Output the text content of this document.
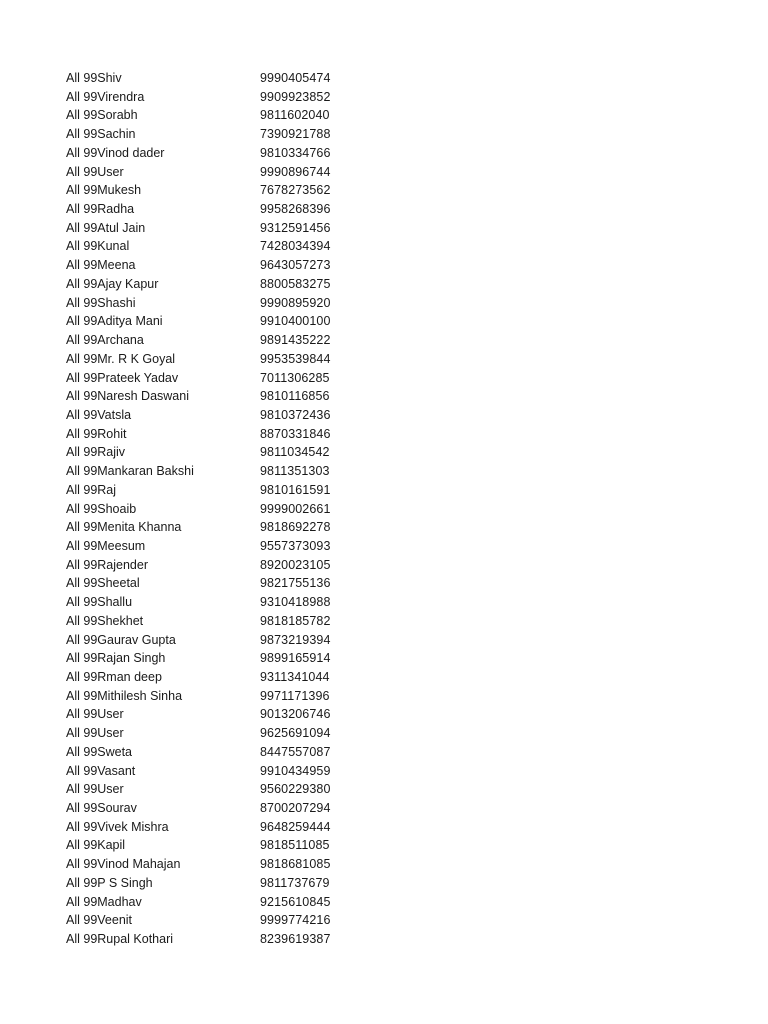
All 99Shiv	9990405474
All 99Virendra	9909923852
All 99Sorabh	9811602040
All 99Sachin	7390921788
All 99Vinod dader	9810334766
All 99User	9990896744
All 99Mukesh	7678273562
All 99Radha	9958268396
All 99Atul Jain	9312591456
All 99Kunal	7428034394
All 99Meena	9643057273
All 99Ajay Kapur	8800583275
All 99Shashi	9990895920
All 99Aditya Mani	9910400100
All 99Archana	9891435222
All 99Mr. R K Goyal	9953539844
All 99Prateek Yadav	7011306285
All 99Naresh Daswani	9810116856
All 99Vatsla	9810372436
All 99Rohit	8870331846
All 99Rajiv	9811034542
All 99Mankaran Bakshi	9811351303
All 99Raj	9810161591
All 99Shoaib	9999002661
All 99Menita Khanna	9818692278
All 99Meesum	9557373093
All 99Rajender	8920023105
All 99Sheetal	9821755136
All 99Shallu	9310418988
All 99Shekhet	9818185782
All 99Gaurav Gupta	9873219394
All 99Rajan Singh	9899165914
All 99Rman deep	9311341044
All 99Mithilesh Sinha	9971171396
All 99User	9013206746
All 99User	9625691094
All 99Sweta	8447557087
All 99Vasant	9910434959
All 99User	9560229380
All 99Sourav	8700207294
All 99Vivek Mishra	9648259444
All 99Kapil	9818511085
All 99Vinod Mahajan	9818681085
All 99P S Singh	9811737679
All 99Madhav	9215610845
All 99Veenit	9999774216
All 99Rupal Kothari	8239619387
